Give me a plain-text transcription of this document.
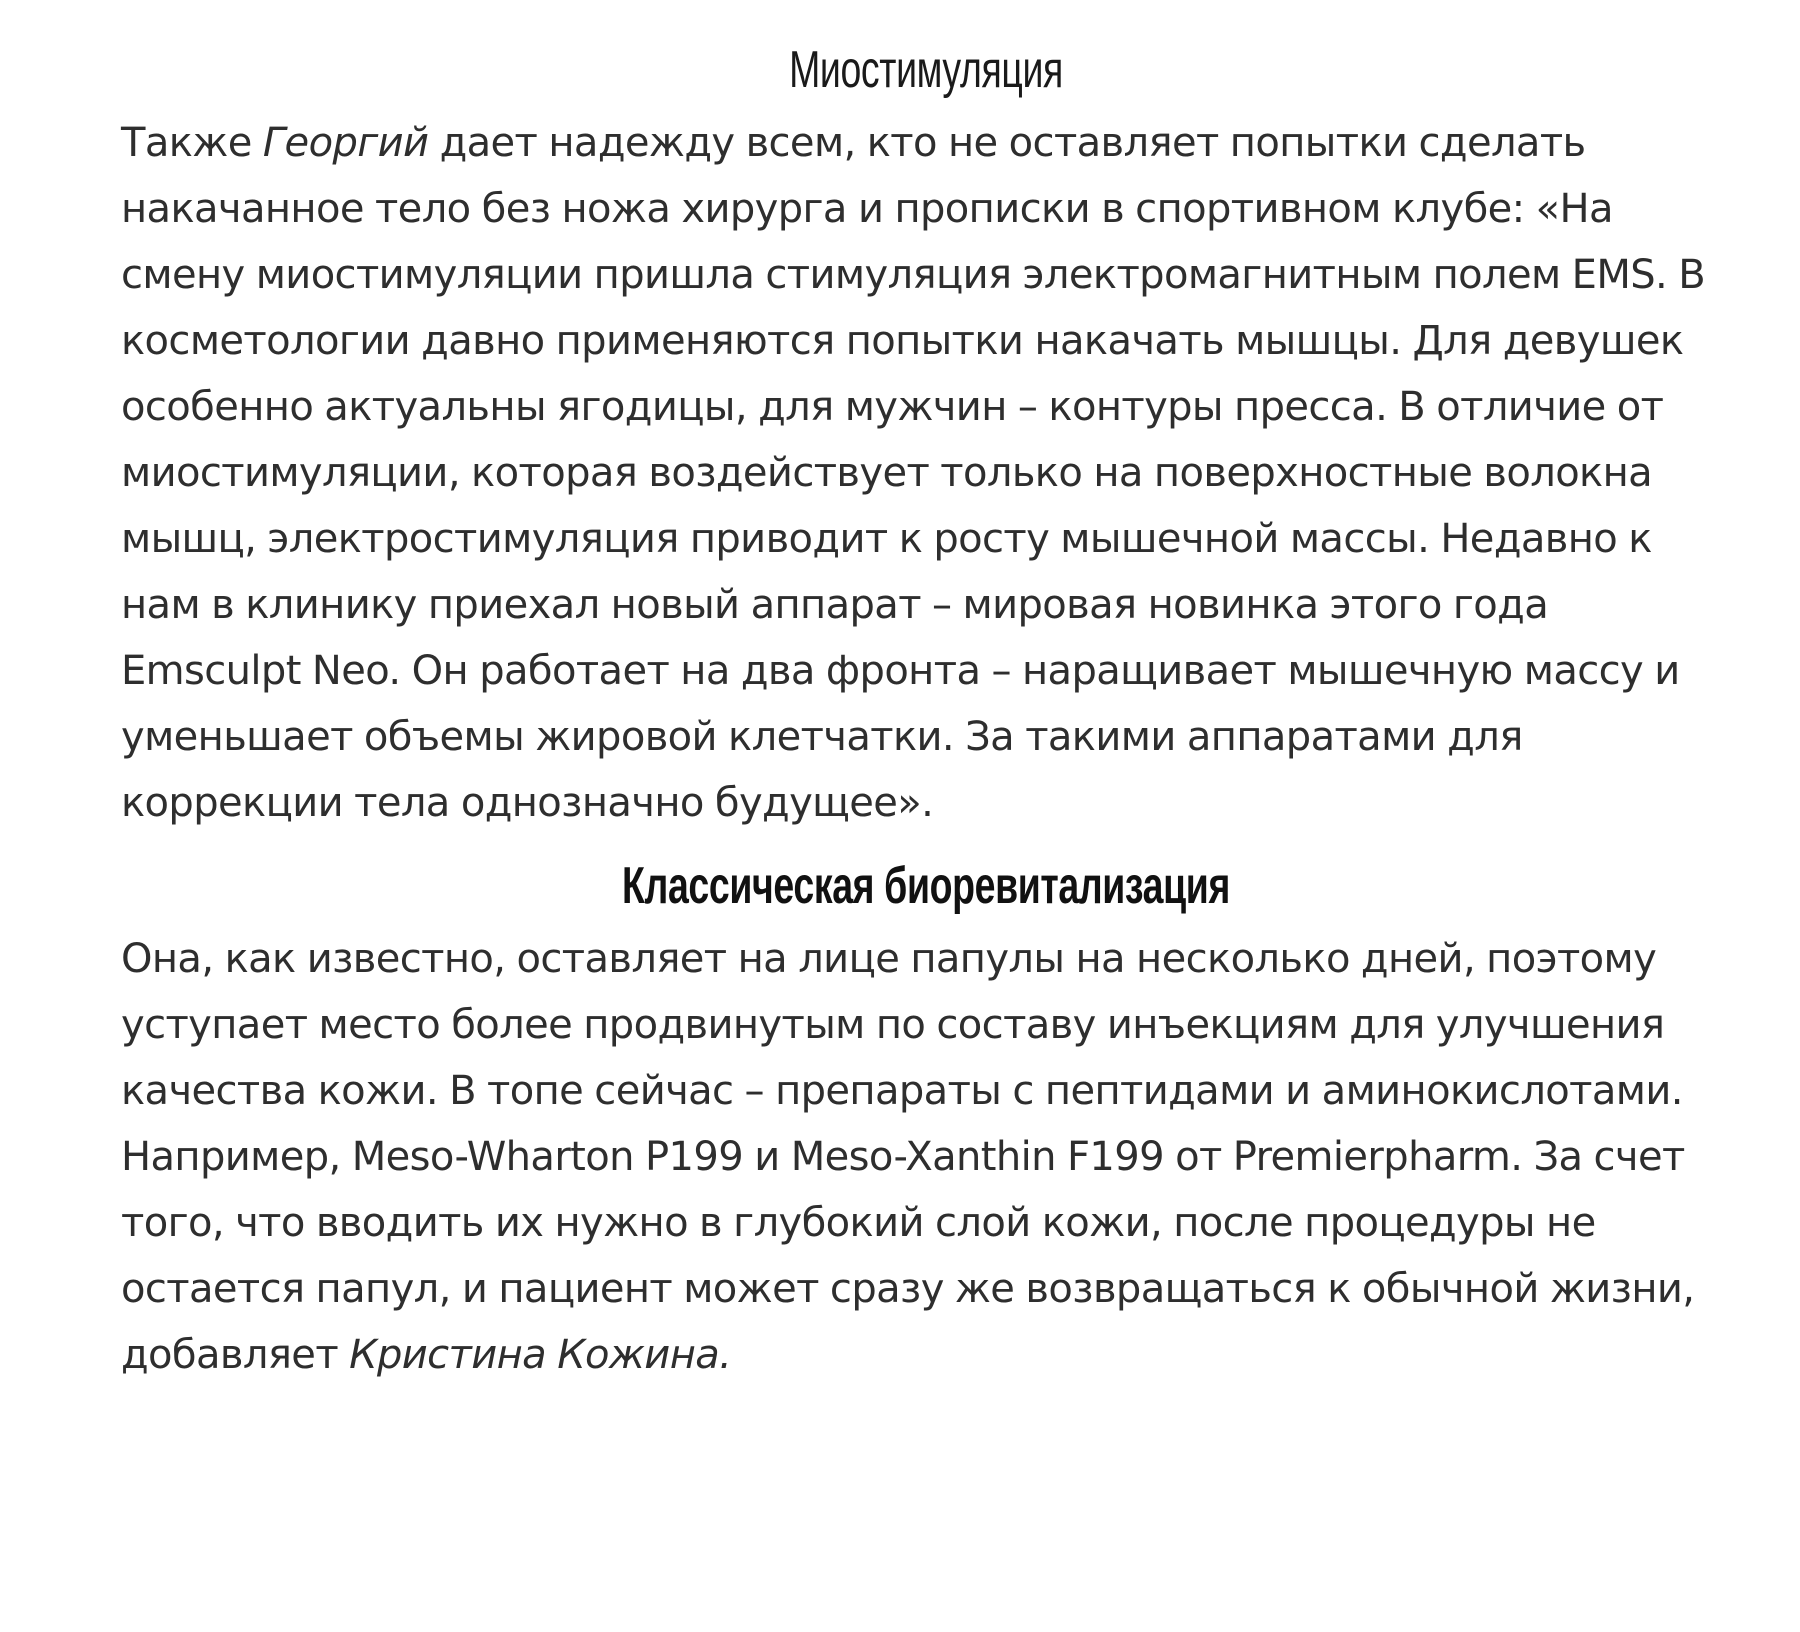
Миостимуляция

Также Георгий дает надежду всем, кто не оставляет попытки сделать накачанное тело без ножа хирурга и прописки в спортивном клубе: «На смену миостимуляции пришла стимуляция электромагнитным полем EMS. В косметологии давно применяются попытки накачать мышцы. Для девушек особенно актуальны ягодицы, для мужчин – контуры пресса. В отличие от миостимуляции, которая воздействует только на поверхностные волокна мышц, электростимуляция приводит к росту мышечной массы. Недавно к нам в клинику приехал новый аппарат – мировая новинка этого года Emsculpt Neo. Он работает на два фронта – наращивает мышечную массу и уменьшает объемы жировой клетчатки. За такими аппаратами для коррекции тела однозначно будущее».

Классическая биоревитализация

Она, как известно, оставляет на лице папулы на несколько дней, поэтому уступает место более продвинутым по составу инъекциям для улучшения качества кожи. В топе сейчас – препараты с пептидами и аминокислотами. Например, Meso-Wharton P199 и Meso-Xanthin F199 от Premierpharm. За счет того, что вводить их нужно в глубокий слой кожи, после процедуры не остается папул, и пациент может сразу же возвращаться к обычной жизни, добавляет Кристина Кожина.
